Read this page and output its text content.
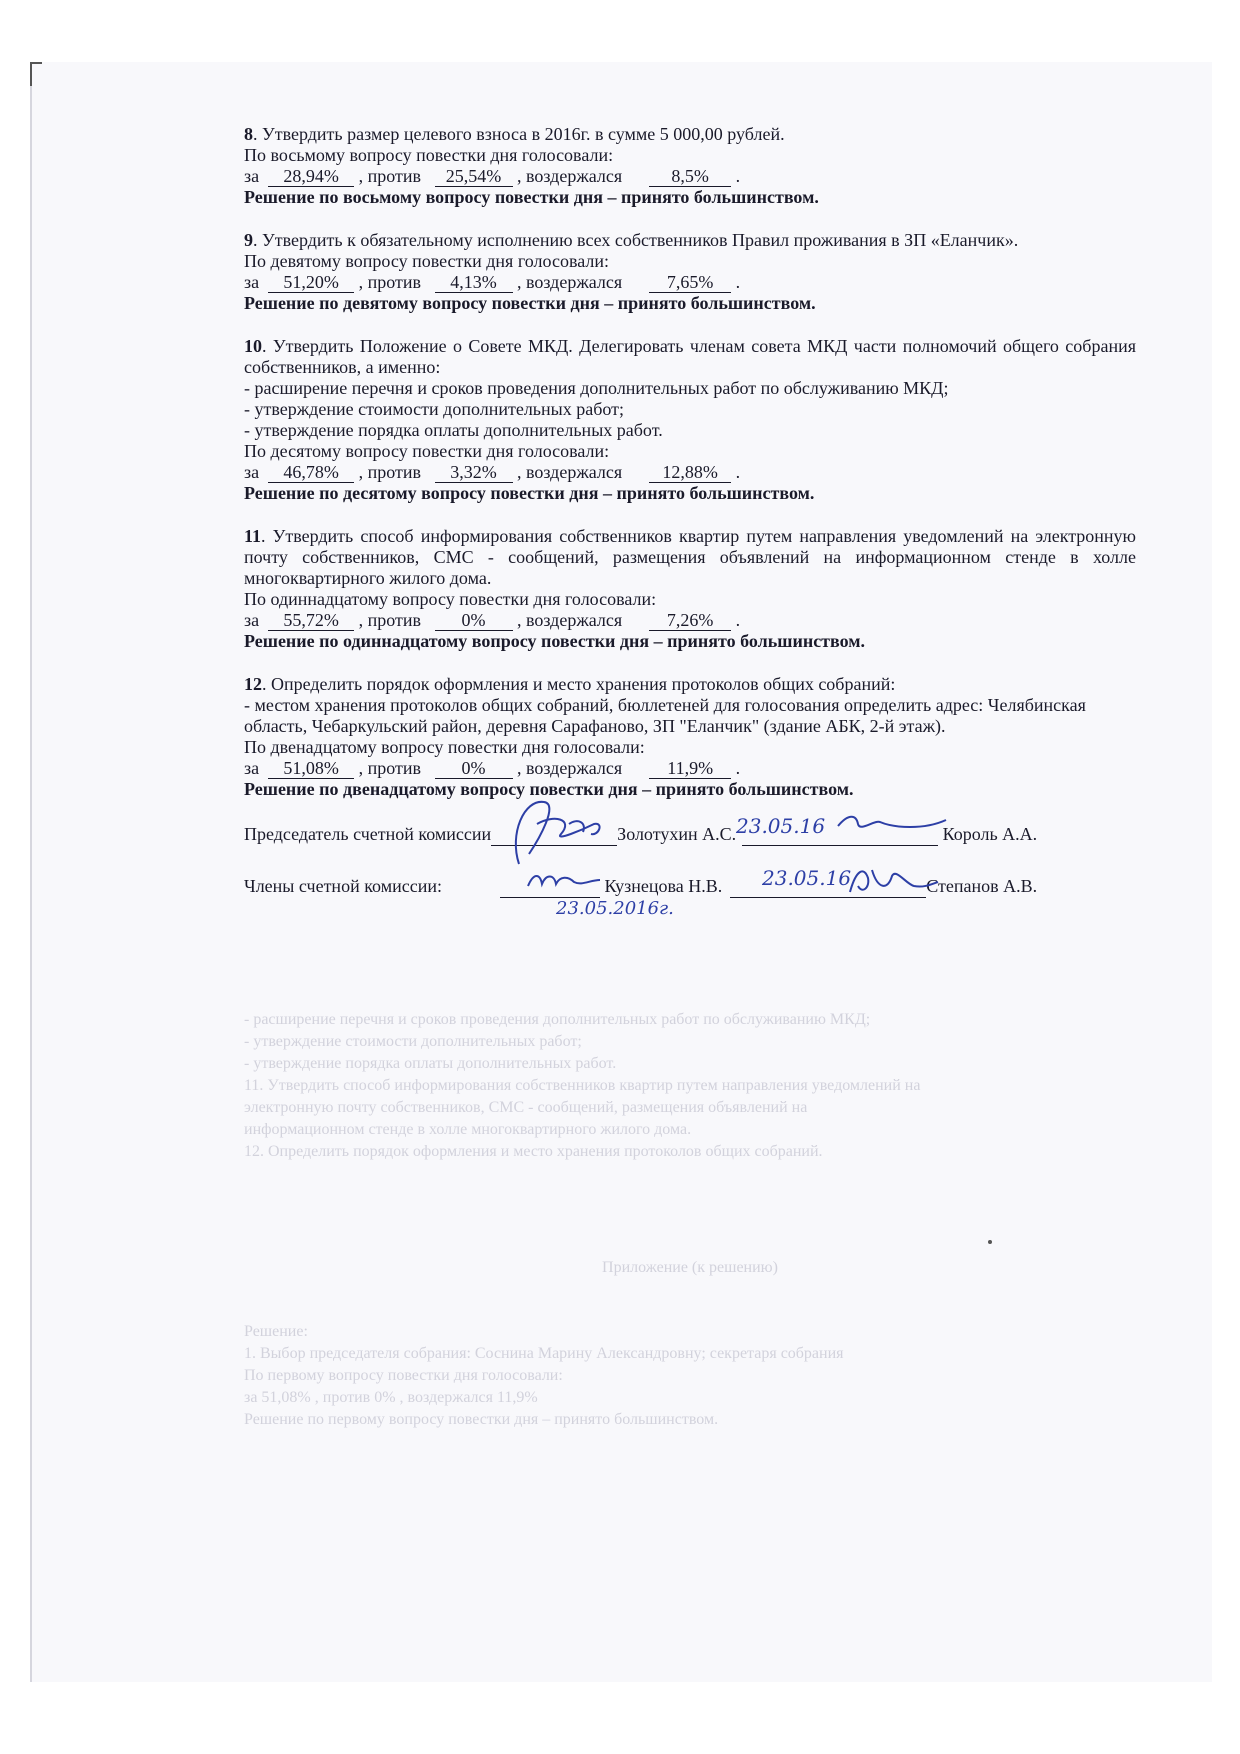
- расширение перечня и сроков проведения дополнительных работ по обслуживанию МКД;
- утверждение стоимости дополнительных работ;
- утверждение порядка оплаты дополнительных работ.
11. Утвердить способ информирования собственников квартир путем направления уведомлений на
электронную почту собственников, СМС - сообщений, размещения объявлений на
информационном стенде в холле многоквартирного жилого дома.
12. Определить порядок оформления и место хранения протоколов общих собраний.
Приложение (к решению)
Решение:
1. Выбор председателя собрания: Соснина Марину Александровну; секретаря собрания
По первому вопросу повестки дня голосовали:
за 51,08% , против 0% , воздержался 11,9%
Решение по первому вопросу повестки дня – принято большинством.
8. Утвердить размер целевого взноса в 2016г. в сумме 5 000,00 рублей.
По восьмому вопросу повестки дня голосовали:
за 28,94% , против 25,54% , воздержался	8,5% .
Решение по восьмому вопросу повестки дня – принято большинством.
9. Утвердить к обязательному исполнению всех собственников Правил проживания в ЗП «Еланчик».
По девятому вопросу повестки дня голосовали:
за 51,20% , против 4,13% , воздержался 7,65% .
Решение по девятому вопросу повестки дня – принято большинством.
10. Утвердить Положение о Совете МКД. Делегировать членам совета МКД части полномочий общего собрания собственников, а именно:
- расширение перечня и сроков проведения дополнительных работ по обслуживанию МКД;
- утверждение стоимости дополнительных работ;
- утверждение порядка оплаты дополнительных работ.
По десятому вопросу повестки дня голосовали:
за 46,78% , против 3,32% , воздержался 12,88% .
Решение по десятому вопросу повестки дня – принято большинством.
11. Утвердить способ информирования собственников квартир путем направления уведомлений на электронную почту собственников, СМС - сообщений, размещения объявлений на информационном стенде в холле многоквартирного жилого дома.
По одиннадцатому вопросу повестки дня голосовали:
за 55,72% , против 0% , воздержался 7,26% .
Решение по одиннадцатому вопросу повестки дня – принято большинством.
12. Определить порядок оформления и место хранения протоколов общих собраний:
- местом хранения протоколов общих собраний, бюллетеней для голосования определить адрес: Челябинская область, Чебаркульский район, деревня Сарафаново, ЗП "Еланчик" (здание АБК, 2-й этаж).
По двенадцатому вопросу повестки дня голосовали:
за 51,08% , против 0% , воздержался	11,9% .
Решение по двенадцатому вопросу повестки дня – принято большинством.
Председатель счетной комиссии	Золотухин А.С.	Король А.А.
Члены счетной комиссии:	Кузнецова Н.В.	Степанов А.В.
23.05.16
23.05.2016г.
23.05.16
